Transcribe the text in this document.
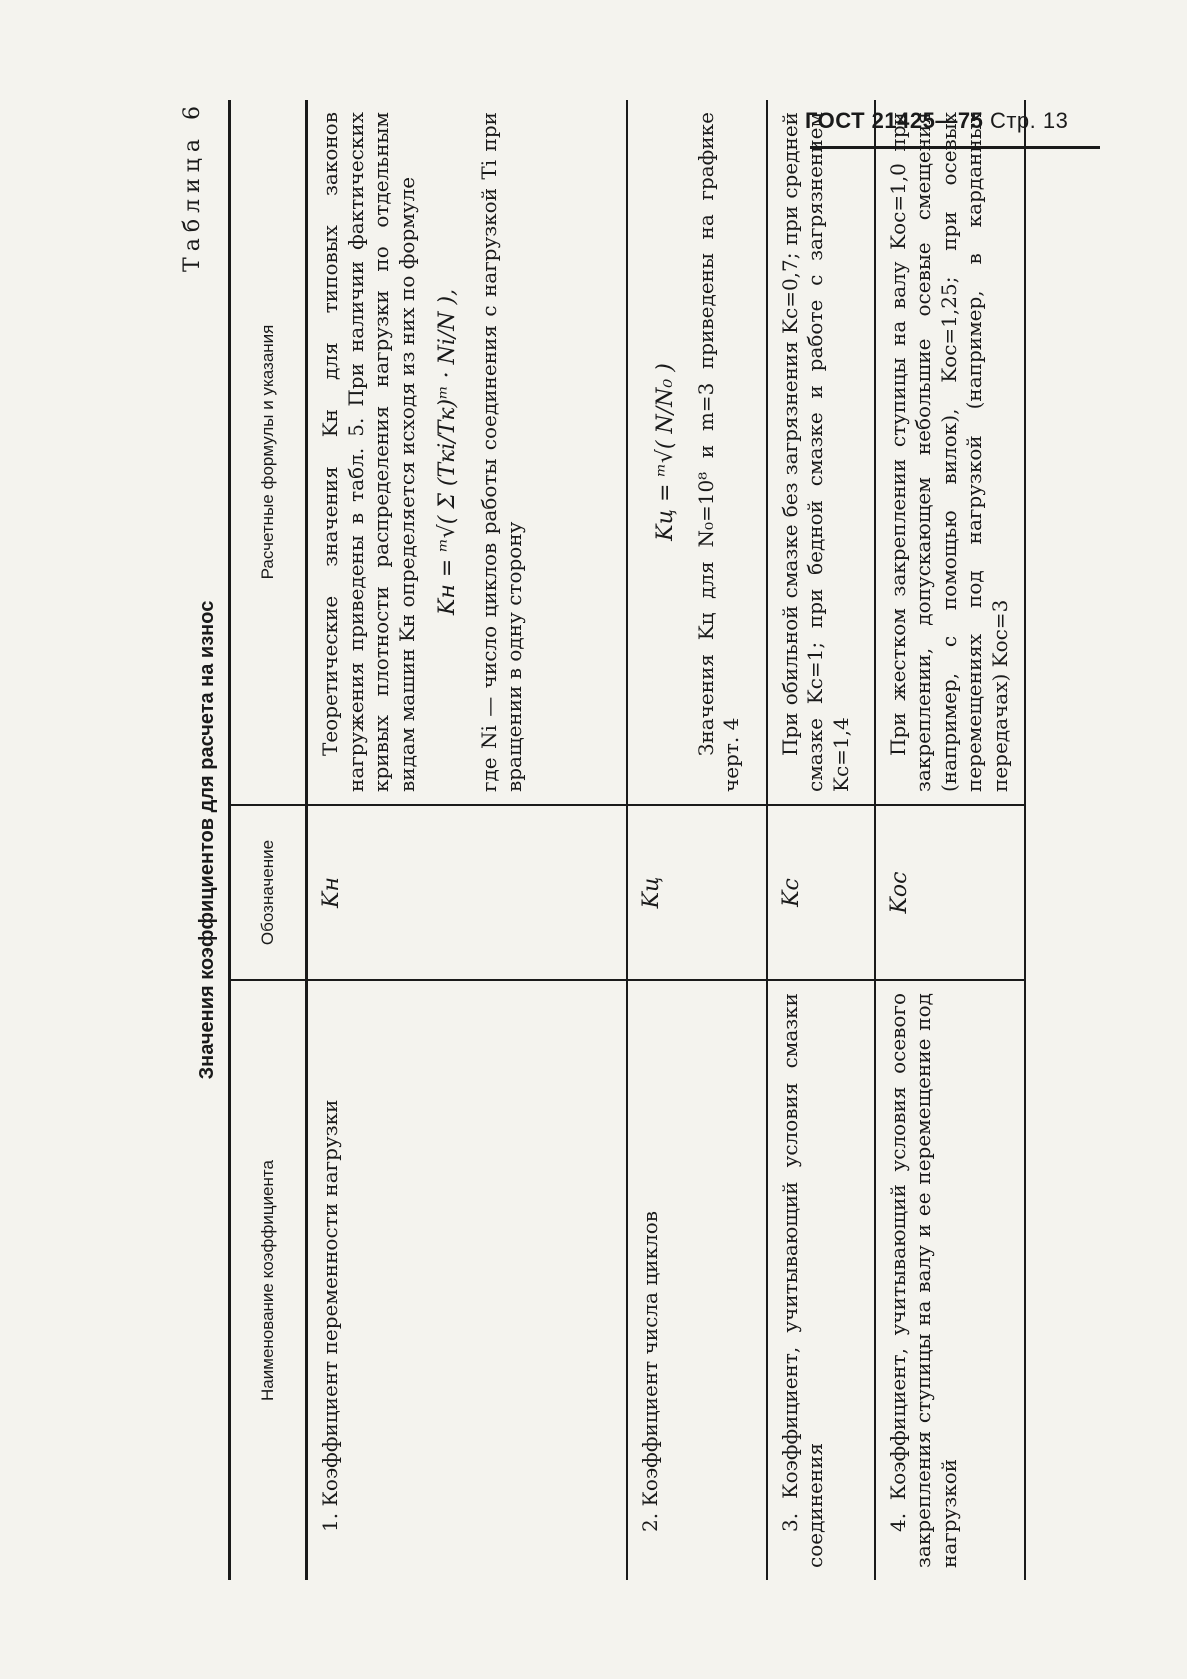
ГОСТ 21425—75 Стр. 13
Таблица 6
Значения коэффициентов для расчета на износ
Наименование коэффициента	Обозначение	Расчетные формулы и указания
1. Коэффициент переменности нагрузки	Kн	Теоретические значения Kн для типовых законов нагружения приведены в табл. 5. При наличии фактических кривых плотности распределения нагрузки по отдельным видам машин Kн определяется исходя из них по формуле Kн = ᵐ√( Σ (Tкi/Tк)ᵐ · Ni/N ), где Ni — число циклов работы соединения с нагрузкой Ti при вращении в одну сторону

2. Коэффициент числа циклов	Kц	Kц = ᵐ√( N/N₀ ) Значения Kц для N₀=10⁸ и m=3 приведены на графике черт. 4

3. Коэффициент, учитывающий условия смазки соединения	Kс	При обильной смазке без загрязнения Kс=0,7; при средней смазке Kс=1; при бедной смазке и работе с загрязнением Kс=1,4
4. Коэффициент, учитывающий условия осевого закрепления ступицы на валу и ее перемещение под нагрузкой	Kос	При жестком закреплении ступицы на валу Kос=1,0 при закреплении, допускающем небольшие осевые смещения (например, с помощью вилок), Kос=1,25; при осевых перемещениях под нагрузкой (например, в карданных передачах) Kос=3
